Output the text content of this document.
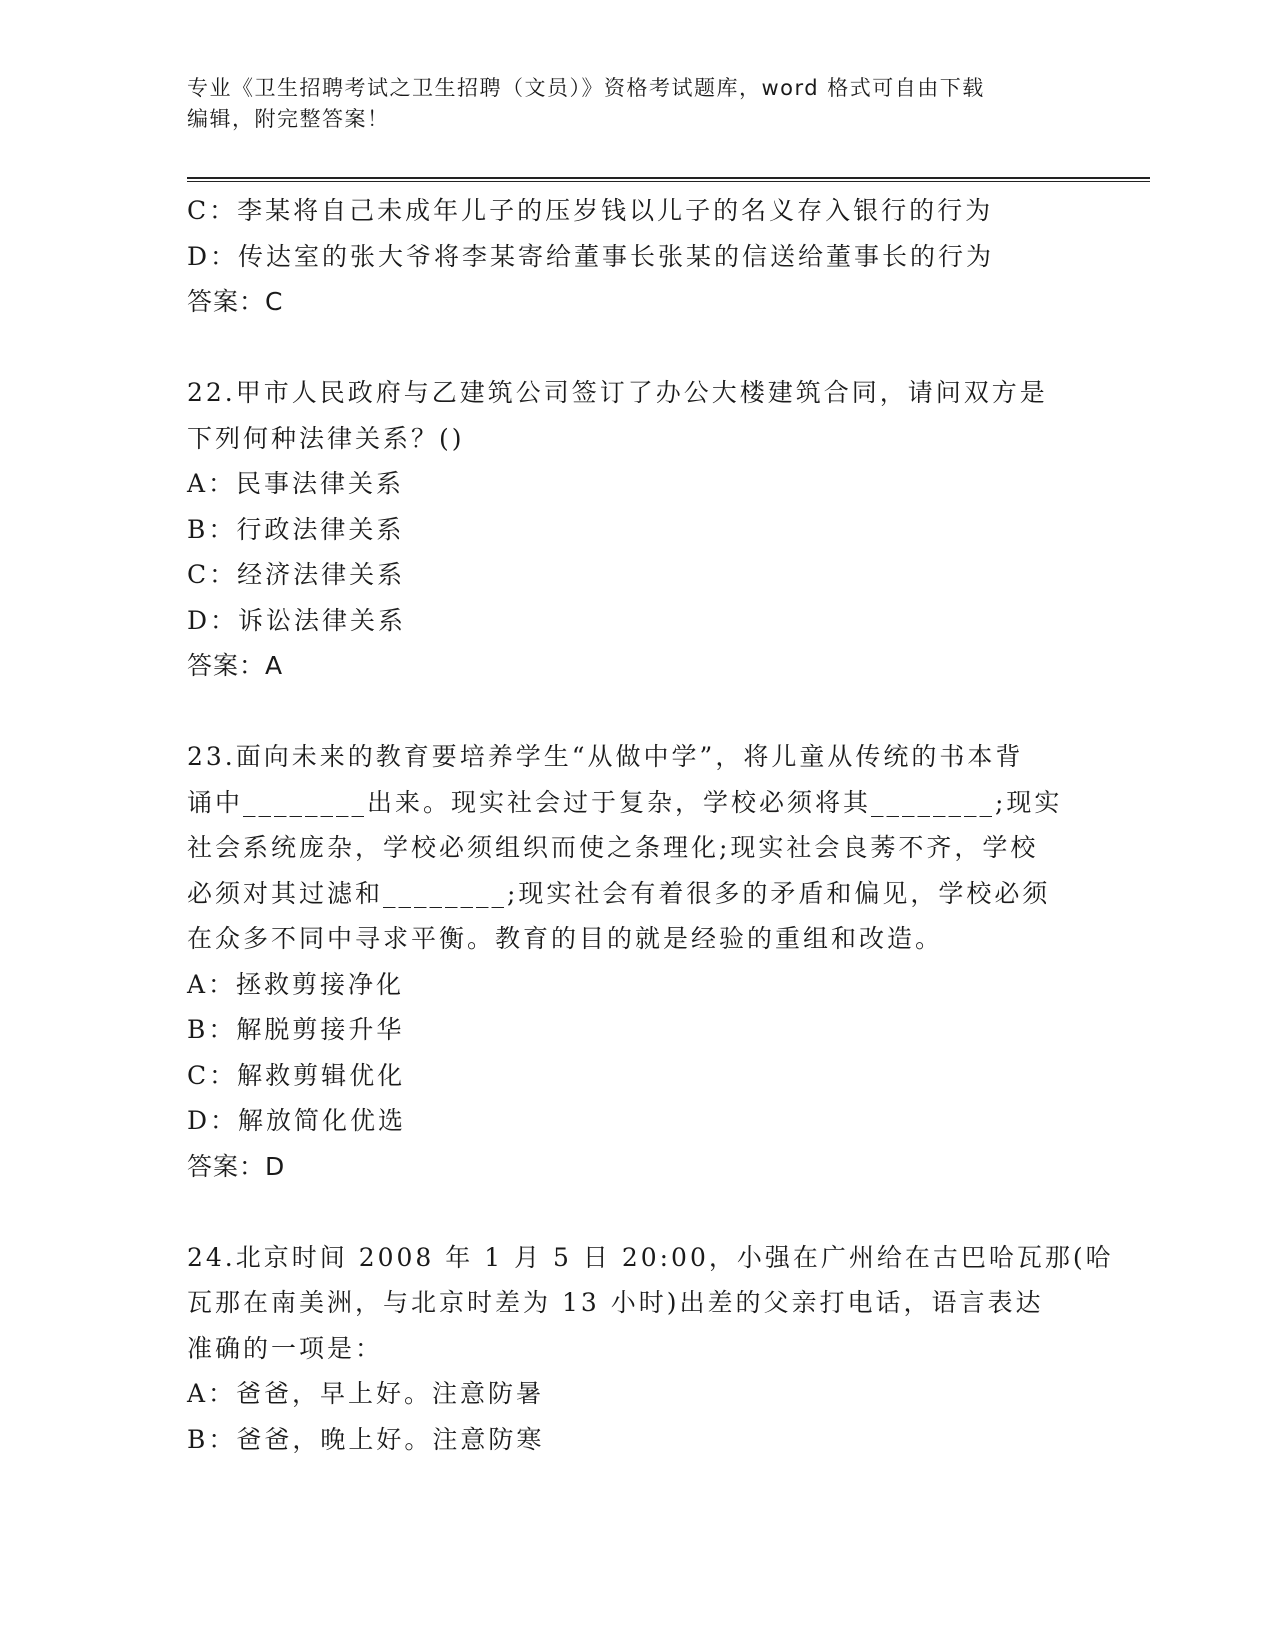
专业《卫生招聘考试之卫生招聘（文员）》资格考试题库，word 格式可自由下载
编辑，附完整答案！
C：李某将自己未成年儿子的压岁钱以儿子的名义存入银行的行为
D：传达室的张大爷将李某寄给董事长张某的信送给董事长的行为
答案：C
22.甲市人民政府与乙建筑公司签订了办公大楼建筑合同，请问双方是
下列何种法律关系？()
A：民事法律关系
B：行政法律关系
C：经济法律关系
D：诉讼法律关系
答案：A
23.面向未来的教育要培养学生“从做中学”，将儿童从传统的书本背
诵中________出来。现实社会过于复杂，学校必须将其________;现实
社会系统庞杂，学校必须组织而使之条理化;现实社会良莠不齐，学校
必须对其过滤和________;现实社会有着很多的矛盾和偏见，学校必须
在众多不同中寻求平衡。教育的目的就是经验的重组和改造。
A：拯救剪接净化
B：解脱剪接升华
C：解救剪辑优化
D：解放简化优选
答案：D
24.北京时间 2008 年 1 月 5 日 20:00，小强在广州给在古巴哈瓦那(哈
瓦那在南美洲，与北京时差为 13 小时)出差的父亲打电话，语言表达
准确的一项是：
A：爸爸，早上好。注意防暑
B：爸爸，晚上好。注意防寒
